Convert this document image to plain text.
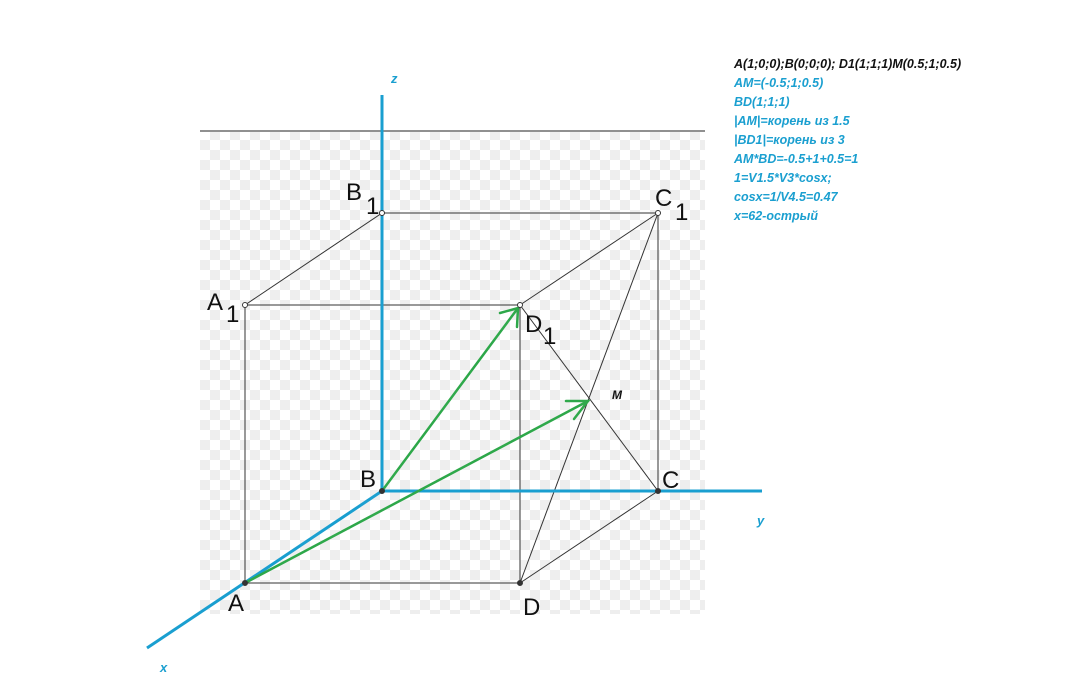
A 1
B
1	C
1
D 1
B	C
A	D
M
z
y
x
A(1;0;0);B(0;0;0); D1(1;1;1)M(0.5;1;0.5)
AM=(-0.5;1;0.5)
BD(1;1;1)
|AM|=корень из 1.5
|BD1|=корень из 3
AM*BD=-0.5+1+0.5=1
1=V1.5*V3*cosx;
cosx=1/V4.5=0.47
x=62-острый
